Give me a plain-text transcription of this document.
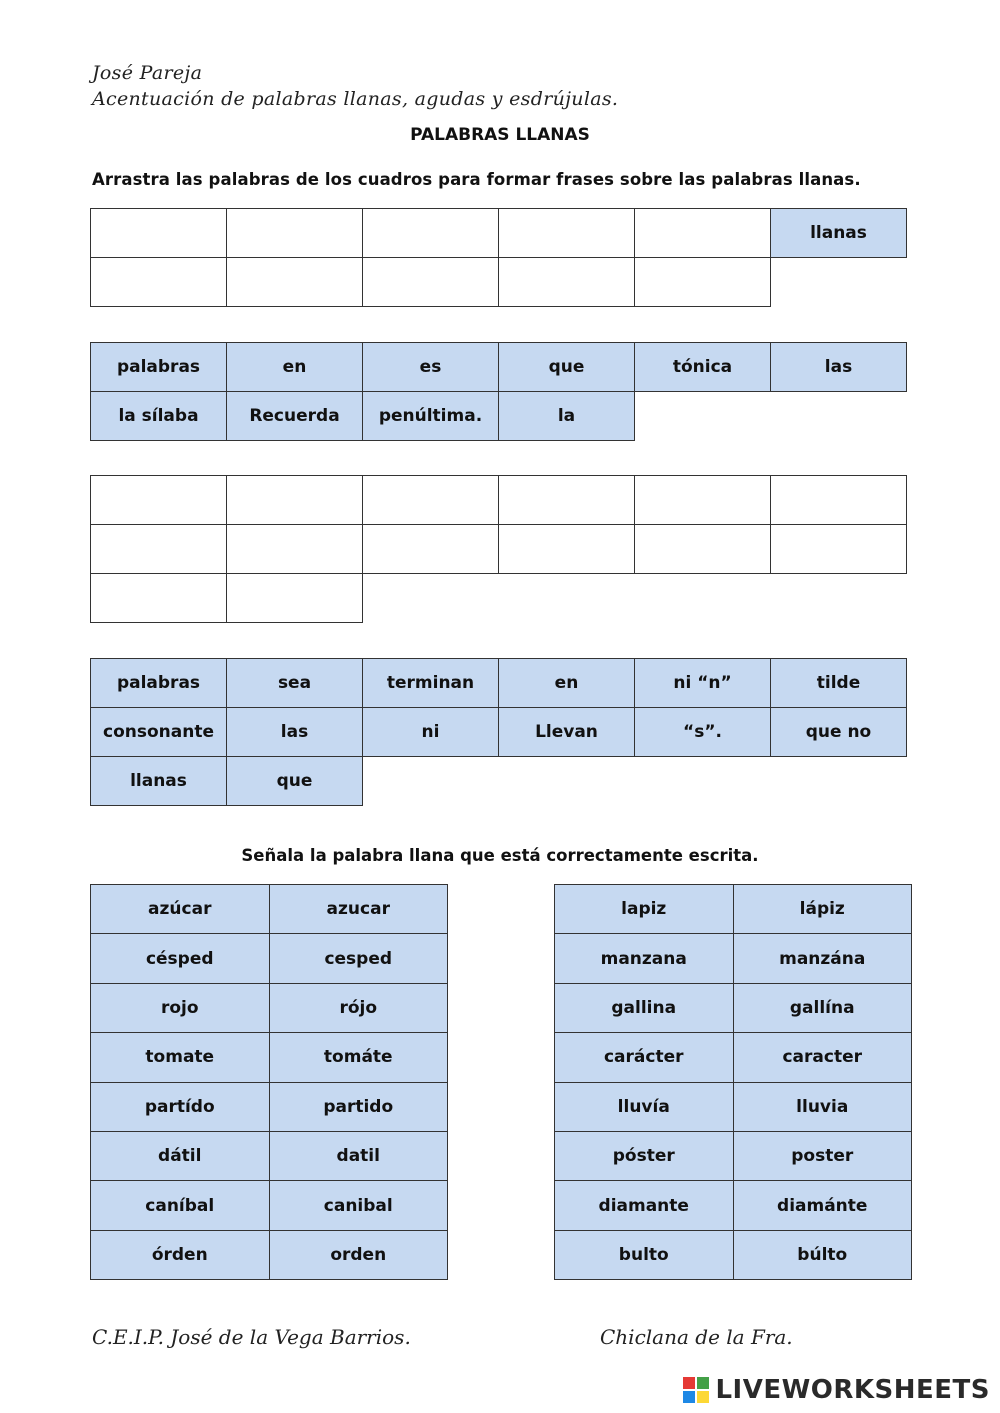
José Pareja
Acentuación de palabras llanas, agudas y esdrújulas.
PALABRAS LLANAS
Arrastra las palabras de los cuadros para formar frases sobre las palabras llanas.
llanas
palabras	en	es	que	tónica	las
la sílaba	Recuerda	penúltima.	la
palabras	sea	terminan	en	ni “n”	tilde
consonante	las	ni	Llevan	“s”.	que no
llanas	que
Señala la palabra llana que está correctamente escrita.
azúcar	azucar
césped	cesped
rojo	rójo
tomate	tomáte
partído	partido
dátil	datil
caníbal	canibal
órden	orden
lapiz	lápiz
manzana	manzána
gallina	gallína
carácter	caracter
lluvía	lluvia
póster	poster
diamante	diamánte
bulto	búlto
C.E.I.P. José de la Vega Barrios.	Chiclana de la Fra.
LIVEWORKSHEETS
